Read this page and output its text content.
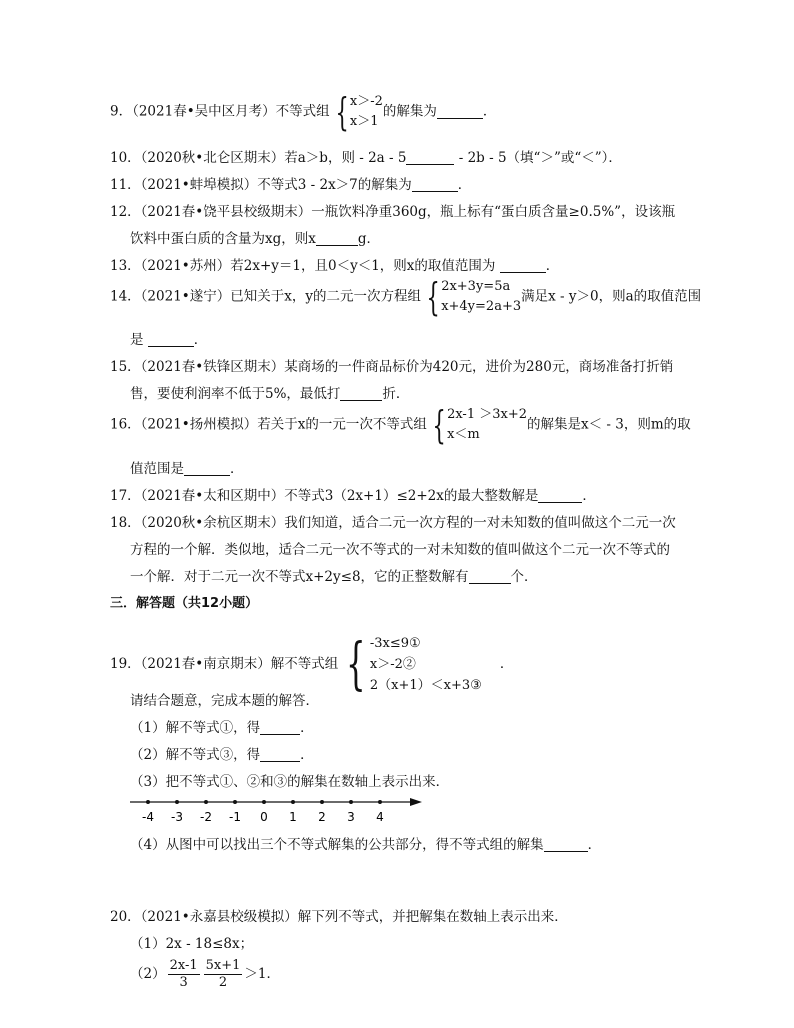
9．（2021春•吴中区月考）不等式组 { x＞-2
x＞1
的解集为	．
10．（2020秋•北仑区期末）若a＞b，则 - 2a - 5	- 2b - 5（填“＞”或“＜”）．
11．（2021•蚌埠模拟）不等式3 - 2x＞7的解集为	．
12．（2021春•饶平县校级期末）一瓶饮料净重360g，瓶上标有“蛋白质含量≥0.5%”，设该瓶
饮料中蛋白质的含量为xg，则x	g．
13．（2021•苏州）若2x+y＝1，且0＜y＜1，则x的取值范围为	．
14．（2021•遂宁）已知关于x，y的二元一次方程组 { 2x+3y=5a
x+4y=2a+3
满足x - y＞0，则a的取值范围
是	．
15．（2021春•铁锋区期末）某商场的一件商品标价为420元，进价为280元，商场准备打折销
售，要使利润率不低于5%，最低打	折．
16．（2021•扬州模拟）若关于x的一元一次不等式组 { 2x-1 ＞3x+2
x＜m
的解集是x＜ - 3，则m的取
值范围是	．
17．（2021春•太和区期中）不等式3（2x+1）≤2+2x的最大整数解是	．
18．（2020秋•余杭区期末）我们知道，适合二元一次方程的一对未知数的值叫做这个二元一次
方程的一个解．类似地，适合二元一次不等式的一对未知数的值叫做这个二元一次不等式的
一个解．对于二元一次不等式x+2y≤8，它的正整数解有	个．
三．解答题（共12小题）
19．（2021春•南京期末）解不等式组 { -3x≤9①
x＞-2②
2（x+1）＜x+3③
．
请结合题意，完成本题的解答．
（1）解不等式①，得	．
（2）解不等式③，得	．
（3）把不等式①、②和③的解集在数轴上表示出来．
-4 -3 -2 -1 0 1 2 3 4
（4）从图中可以找出三个不等式解集的公共部分，得不等式组的解集	．
20．（2021•永嘉县校级模拟）解下列不等式，并把解集在数轴上表示出来．
（1）2x - 18≤8x；
$(2) \frac{2x-1}{3} \frac{5x+1}{2} >1$．
